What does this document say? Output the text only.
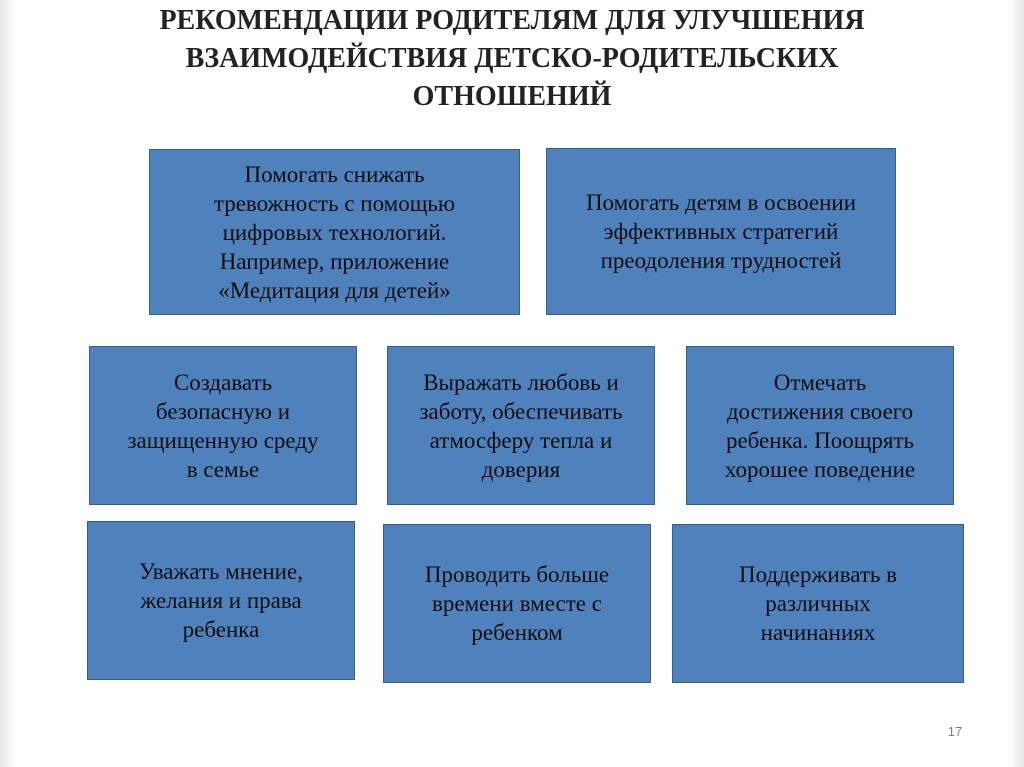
РЕКОМЕНДАЦИИ РОДИТЕЛЯМ ДЛЯ УЛУЧШЕНИЯ
ВЗАИМОДЕЙСТВИЯ ДЕТСКО-РОДИТЕЛЬСКИХ
ОТНОШЕНИЙ
Помогать снижать
тревожность с помощью
цифровых технологий.
Например, приложение
«Медитация для детей»
Помогать детям в освоении
эффективных стратегий
преодоления трудностей
Создавать
безопасную и
защищенную среду
в семье
Выражать любовь и
заботу, обеспечивать
атмосферу тепла и
доверия
Отмечать
достижения своего
ребенка. Поощрять
хорошее поведение
Уважать мнение,
желания и права
ребенка
Проводить больше
времени вместе с
ребенком
Поддерживать в
различных
начинаниях
17
